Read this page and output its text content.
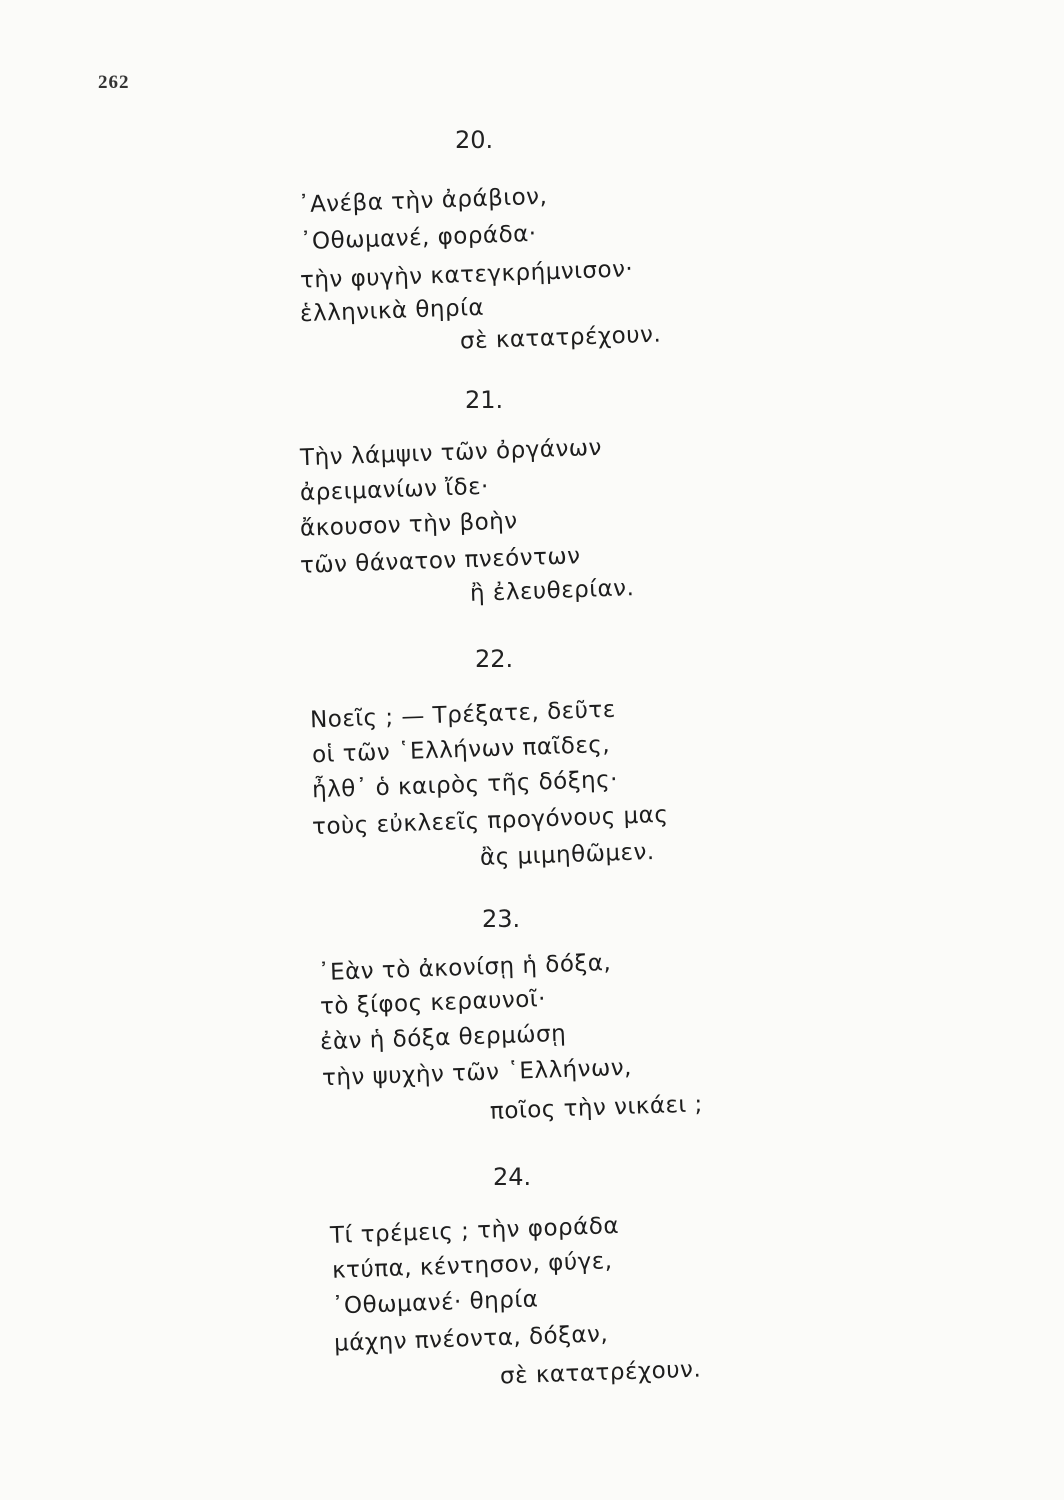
262
20.
᾿Ανέβα τὴν ἀράβιον,
᾿Οθωμανέ, φοράδα·
τὴν φυγὴν κατεγκρήμνισον·
ἑλληνικὰ θηρία
σὲ κατατρέχουν.
21.
Τὴν λάμψιν τῶν ὀργάνων
ἀρειμανίων ἴδε·
ἄκουσον τὴν βοὴν
τῶν θάνατον πνεόντων
ἢ ἐλευθερίαν.
22.
Νοεῖς ; — Τρέξατε, δεῦτε
οἱ τῶν ῾Ελλήνων παῖδες,
ἦλθ᾿ ὁ καιρὸς τῆς δόξης·
τοὺς εὐκλεεῖς προγόνους μας
ἂς μιμηθῶμεν.
23.
᾿Εὰν τὸ ἀκονίσῃ ἡ δόξα,
τὸ ξίφος κεραυνοῖ·
ἐὰν ἡ δόξα θερμώσῃ
τὴν ψυχὴν τῶν ῾Ελλήνων,
ποῖος τὴν νικάει ;
24.
Τί τρέμεις ; τὴν φοράδα
κτύπα, κέντησον, φύγε,
᾿Οθωμανέ· θηρία
μάχην πνέοντα, δόξαν,
σὲ κατατρέχουν.
